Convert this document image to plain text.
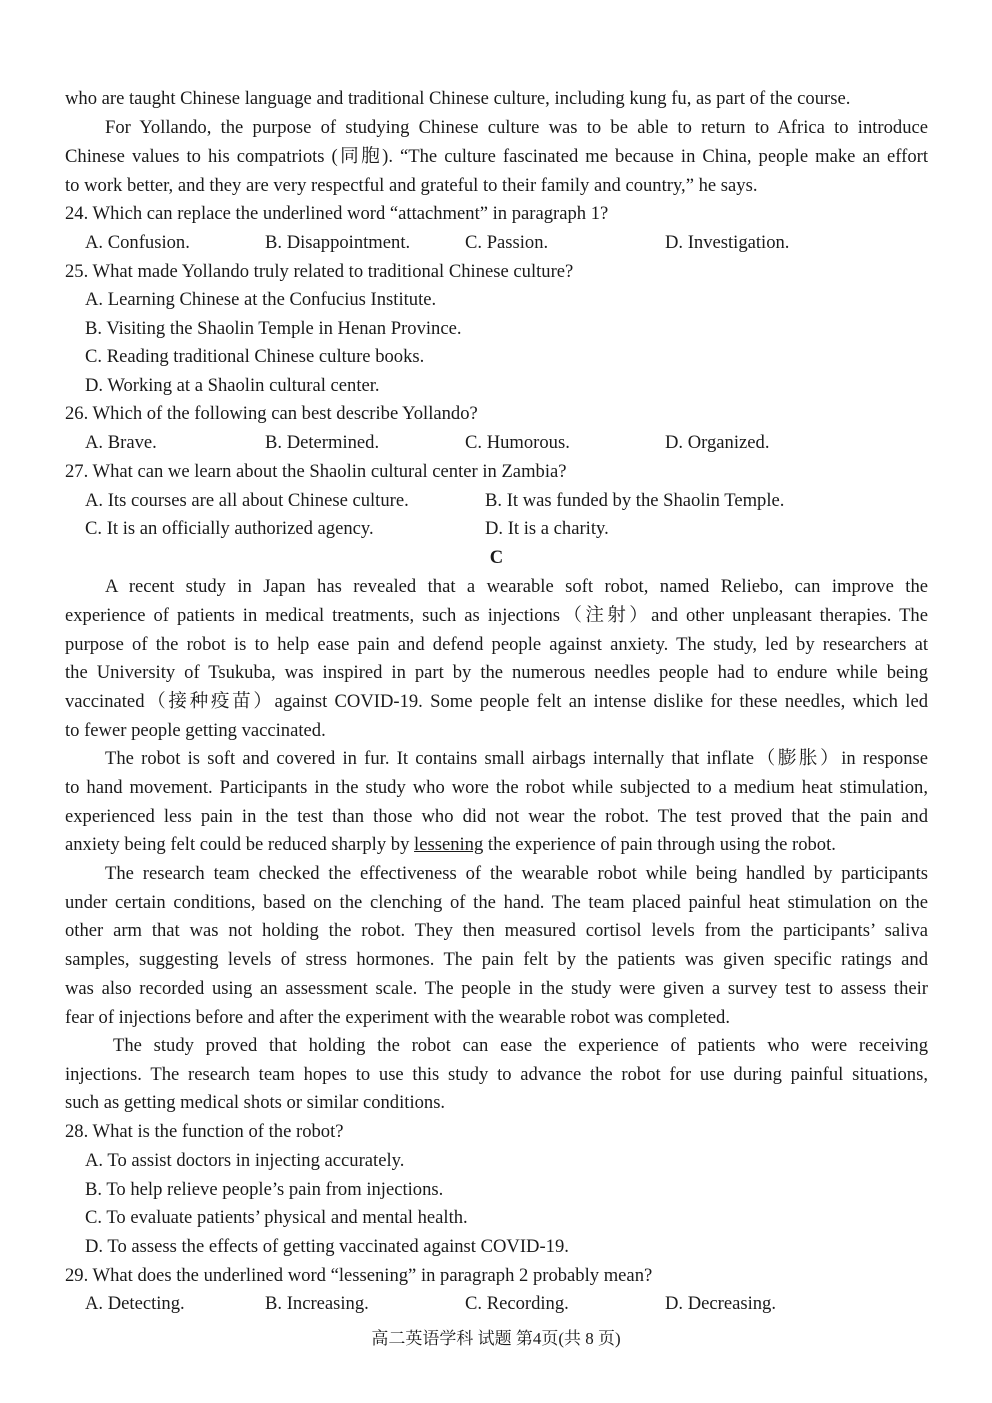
who are taught Chinese language and traditional Chinese culture, including kung fu, as part of the course.
For Yollando, the purpose of studying Chinese culture was to be able to return to Africa to introduce
Chinese values to his compatriots (同胞). “The culture fascinated me because in China, people make an effort
to work better, and they are very respectful and grateful to their family and country,” he says.
24. Which can replace the underlined word “attachment” in paragraph 1?
A. Confusion.	B. Disappointment.	C. Passion.	D. Investigation.
25. What made Yollando truly related to traditional Chinese culture?
A. Learning Chinese at the Confucius Institute.
B. Visiting the Shaolin Temple in Henan Province.
C. Reading traditional Chinese culture books.
D. Working at a Shaolin cultural center.
26. Which of the following can best describe Yollando?
A. Brave.	B. Determined.	C. Humorous.	D. Organized.
27. What can we learn about the Shaolin cultural center in Zambia?
A. Its courses are all about Chinese culture.	B. It was funded by the Shaolin Temple.
C. It is an officially authorized agency.	D. It is a charity.
C
A recent study in Japan has revealed that a wearable soft robot, named Reliebo, can improve the
experience of patients in medical treatments, such as injections（注射）and other unpleasant therapies. The
purpose of the robot is to help ease pain and defend people against anxiety. The study, led by researchers at
the University of Tsukuba, was inspired in part by the numerous needles people had to endure while being
vaccinated（接种疫苗）against COVID-19. Some people felt an intense dislike for these needles, which led
to fewer people getting vaccinated.
The robot is soft and covered in fur. It contains small airbags internally that inflate（膨胀）in response
to hand movement. Participants in the study who wore the robot while subjected to a medium heat stimulation,
experienced less pain in the test than those who did not wear the robot. The test proved that the pain and
anxiety being felt could be reduced sharply by lessening the experience of pain through using the robot.
The research team checked the effectiveness of the wearable robot while being handled by participants
under certain conditions, based on the clenching of the hand. The team placed painful heat stimulation on the
other arm that was not holding the robot. They then measured cortisol levels from the participants’ saliva
samples, suggesting levels of stress hormones. The pain felt by the patients was given specific ratings and
was also recorded using an assessment scale. The people in the study were given a survey test to assess their
fear of injections before and after the experiment with the wearable robot was completed.
The study proved that holding the robot can ease the experience of patients who were receiving
injections. The research team hopes to use this study to advance the robot for use during painful situations,
such as getting medical shots or similar conditions.
28. What is the function of the robot?
A. To assist doctors in injecting accurately.
B. To help relieve people’s pain from injections.
C. To evaluate patients’ physical and mental health.
D. To assess the effects of getting vaccinated against COVID-19.
29. What does the underlined word “lessening” in paragraph 2 probably mean?
A. Detecting.	B. Increasing.	C. Recording.	D. Decreasing.
高二英语学科 试题 第4页(共 8 页)
